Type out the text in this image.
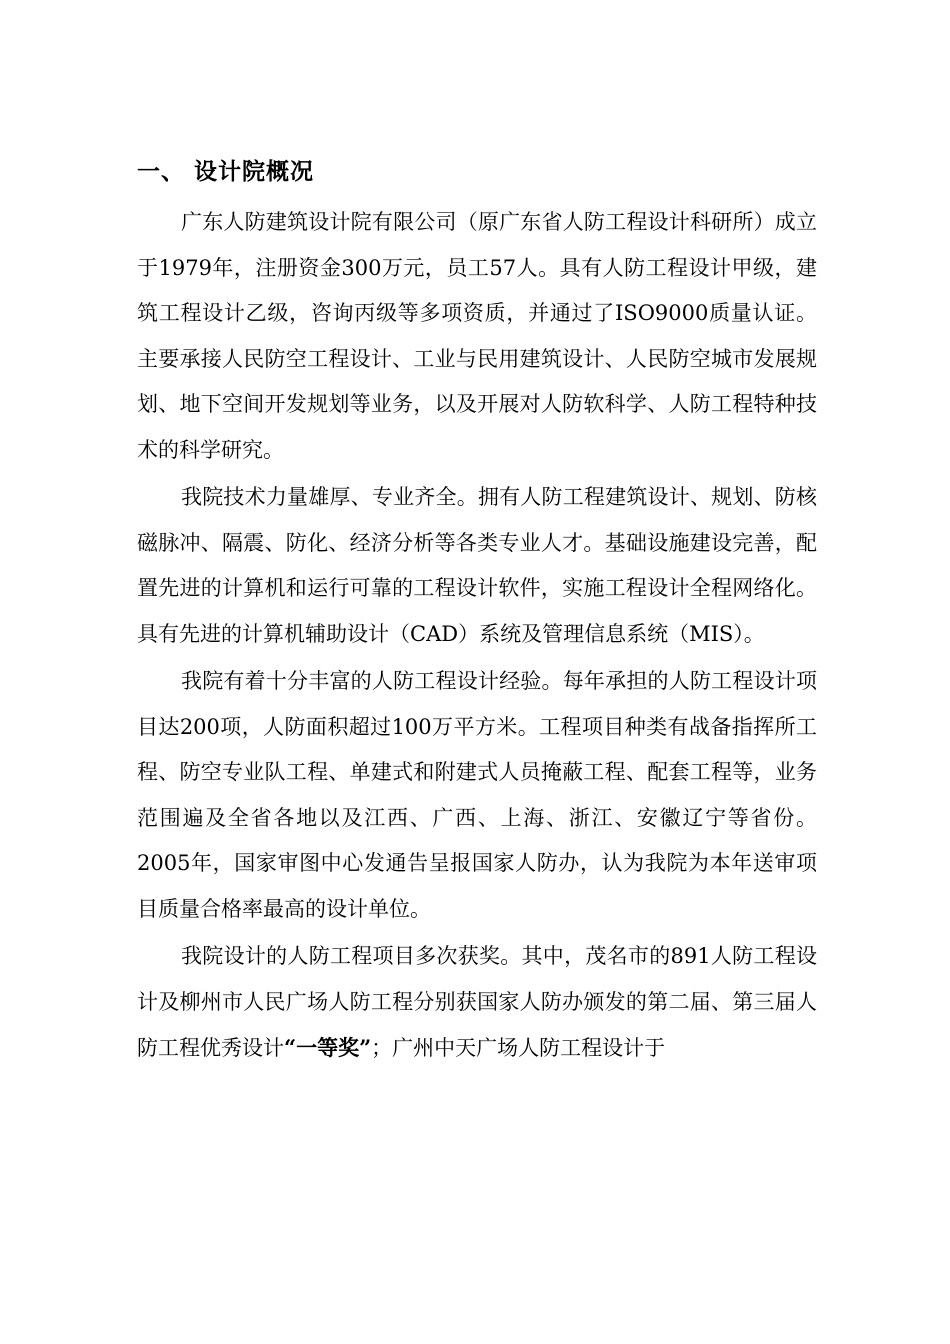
一、 设计院概况

广东人防建筑设计院有限公司（原广东省人防工程设计科研所）成立于1979年，注册资金300万元，员工57人。具有人防工程设计甲级，建筑工程设计乙级，咨询丙级等多项资质，并通过了ISO9000质量认证。主要承接人民防空工程设计、工业与民用建筑设计、人民防空城市发展规划、地下空间开发规划等业务，以及开展对人防软科学、人防工程特种技术的科学研究。

我院技术力量雄厚、专业齐全。拥有人防工程建筑设计、规划、防核磁脉冲、隔震、防化、经济分析等各类专业人才。基础设施建设完善，配置先进的计算机和运行可靠的工程设计软件，实施工程设计全程网络化。具有先进的计算机辅助设计（CAD）系统及管理信息系统（MIS）。

我院有着十分丰富的人防工程设计经验。每年承担的人防工程设计项目达200项，人防面积超过100万平方米。工程项目种类有战备指挥所工程、防空专业队工程、单建式和附建式人员掩蔽工程、配套工程等，业务范围遍及全省各地以及江西、广西、上海、浙江、安徽辽宁等省份。2005年，国家审图中心发通告呈报国家人防办，认为我院为本年送审项目质量合格率最高的设计单位。

我院设计的人防工程项目多次获奖。其中，茂名市的891人防工程设计及柳州市人民广场人防工程分别获国家人防办颁发的第二届、第三届人防工程优秀设计“一等奖”；广州中天广场人防工程设计于
